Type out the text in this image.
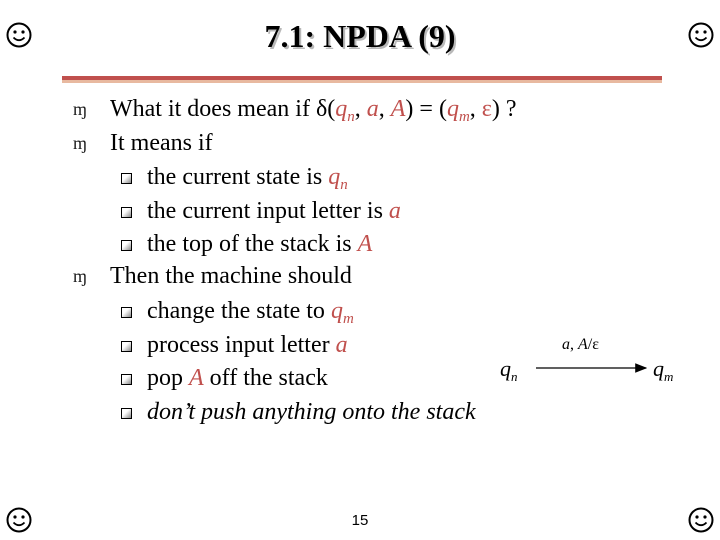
7.1: NPDA (9)
ɱ
ɱ
ɱ
What it does mean if $\delta(q_n$, a, $A) = (q_m$, ε) ?
It means if
the current state is $q_n$
the current input letter is a
the top of the stack is A
Then the machine should
change the state to $q_m$
process input letter a
pop A off the stack
don’t push anything onto the stack
$q_n$	$q_m$
a, A/ε
15
